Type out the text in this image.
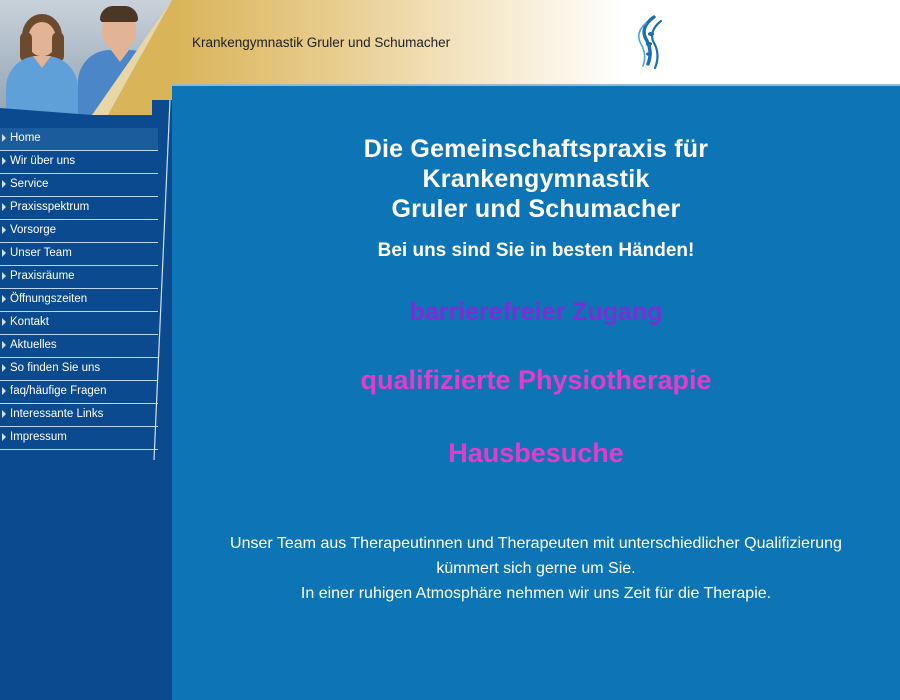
Home
Wir über uns
Service
Praxisspektrum
Vorsorge
Unser Team
Praxisräume
Öffnungszeiten
Kontakt
Aktuelles
So finden Sie uns
faq/häufige Fragen
Interessante Links
Impressum
Krankengymnastik Gruler und Schumacher
Die Gemeinschaftspraxis für
Krankengymnastik
Gruler und Schumacher
Bei uns sind Sie in besten Händen!
barrierefreier Zugang
qualifizierte Physiotherapie
Hausbesuche

Unser Team aus Therapeutinnen und Therapeuten mit unterschiedlicher Qualifizierung kümmert sich gerne um Sie.
In einer ruhigen Atmosphäre nehmen wir uns Zeit für die Therapie.
